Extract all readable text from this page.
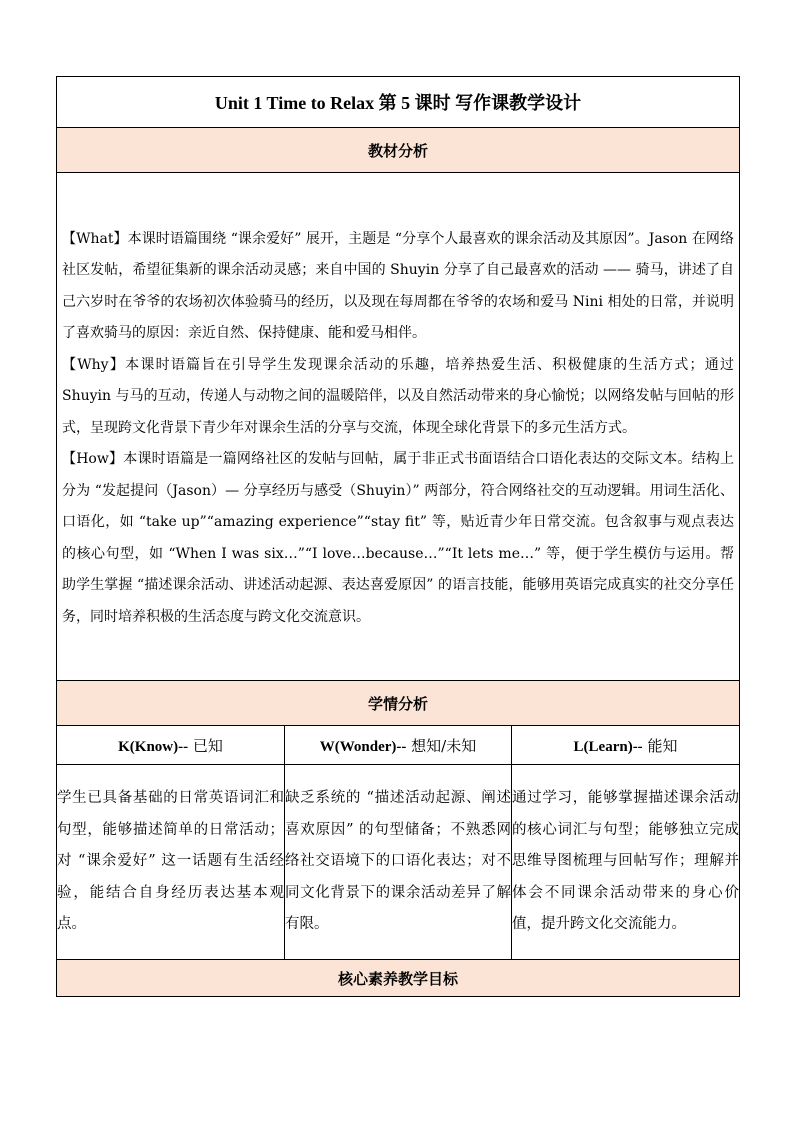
Unit 1 Time to Relax 第 5 课时 写作课教学设计		
教材分析		

【What】本课时语篇围绕 “课余爱好” 展开，主题是 “分享个人最喜欢的课余活动及其原因”。Jason 在网络社区发帖，希望征集新的课余活动灵感；来自中国的 Shuyin 分享了自己最喜欢的活动 —— 骑马，讲述了自己六岁时在爷爷的农场初次体验骑马的经历，以及现在每周都在爷爷的农场和爱马 Nini 相处的日常，并说明了喜欢骑马的原因：亲近自然、保持健康、能和爱马相伴。

【Why】本课时语篇旨在引导学生发现课余活动的乐趣，培养热爱生活、积极健康的生活方式；通过 Shuyin 与马的互动，传递人与动物之间的温暖陪伴，以及自然活动带来的身心愉悦；以网络发帖与回帖的形式，呈现跨文化背景下青少年对课余生活的分享与交流，体现全球化背景下的多元生活方式。

【How】本课时语篇是一篇网络社区的发帖与回帖，属于非正式书面语结合口语化表达的交际文本。结构上分为 “发起提问（Jason）— 分享经历与感受（Shuyin）” 两部分，符合网络社交的互动逻辑。用词生活化、口语化，如 “take up”“amazing experience”“stay fit” 等，贴近青少年日常交流。包含叙事与观点表达的核心句型，如 “When I was six…”“I love…because…”“It lets me…” 等，便于学生模仿与运用。帮助学生掌握 “描述课余活动、讲述活动起源、表达喜爱原因” 的语言技能，能够用英语完成真实的社交分享任务，同时培养积极的生活态度与跨文化交流意识。		

学情分析		
K(Know)-- 已知	W(Wonder)-- 想知/未知	L(Learn)-- 能知
学生已具备基础的日常英语词汇和句型，能够描述简单的日常活动；对 “课余爱好” 这一话题有生活经验，能结合自身经历表达基本观点。	缺乏系统的 “描述活动起源、阐述喜欢原因” 的句型储备；不熟悉网络社交语境下的口语化表达；对不同文化背景下的课余活动差异了解有限。	通过学习，能够掌握描述课余活动的核心词汇与句型；能够独立完成思维导图梳理与回帖写作；理解并体会不同课余活动带来的身心价值，提升跨文化交流能力。
核心素养教学目标		
